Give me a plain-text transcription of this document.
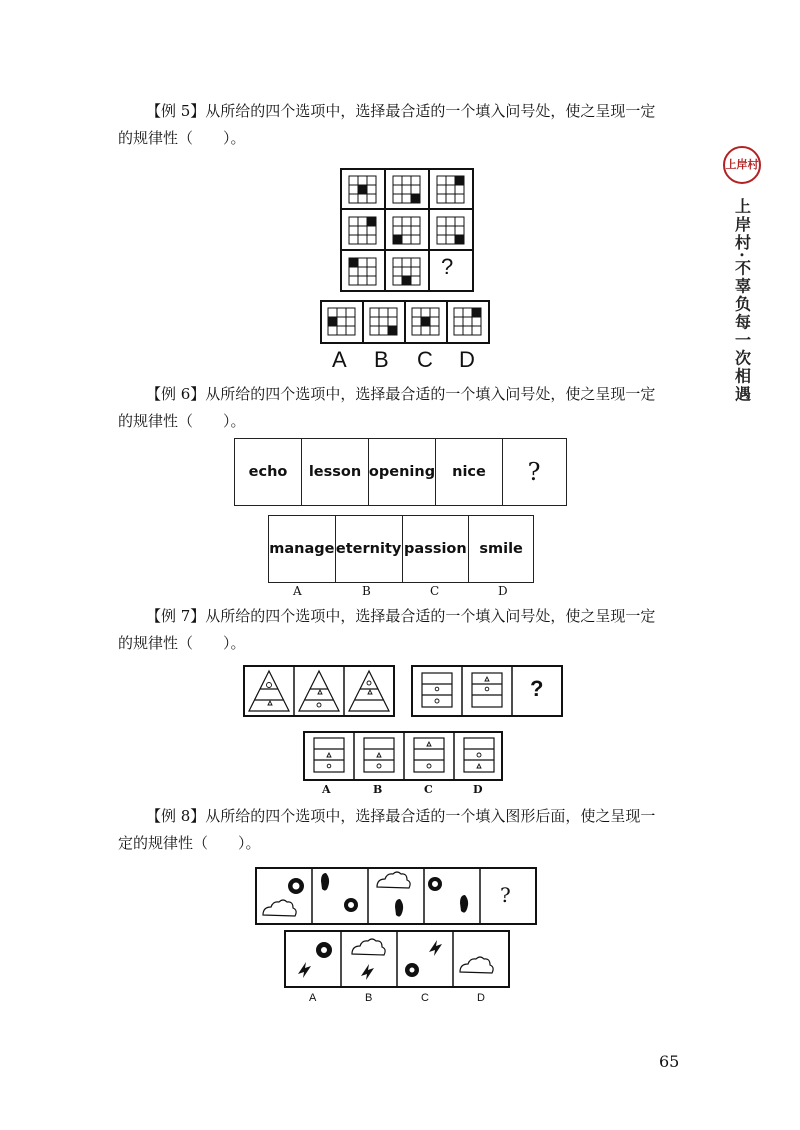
上岸村
上岸村·不辜负每一次相遇
【例 5】从所给的四个选项中，选择最合适的一个填入问号处，使之呈现一定
的规律性（　　）。
?
A B C D
【例 6】从所给的四个选项中，选择最合适的一个填入问号处，使之呈现一定
的规律性（　　）。
echo	lesson opening	nice	?
manage eternity passion smile
A	B	C	D
【例 7】从所给的四个选项中，选择最合适的一个填入问号处，使之呈现一定
的规律性（　　）。
?
A	B	C	D
【例 8】从所给的四个选项中，选择最合适的一个填入图形后面，使之呈现一
定的规律性（　　）。
?
A	B	C	D
65
